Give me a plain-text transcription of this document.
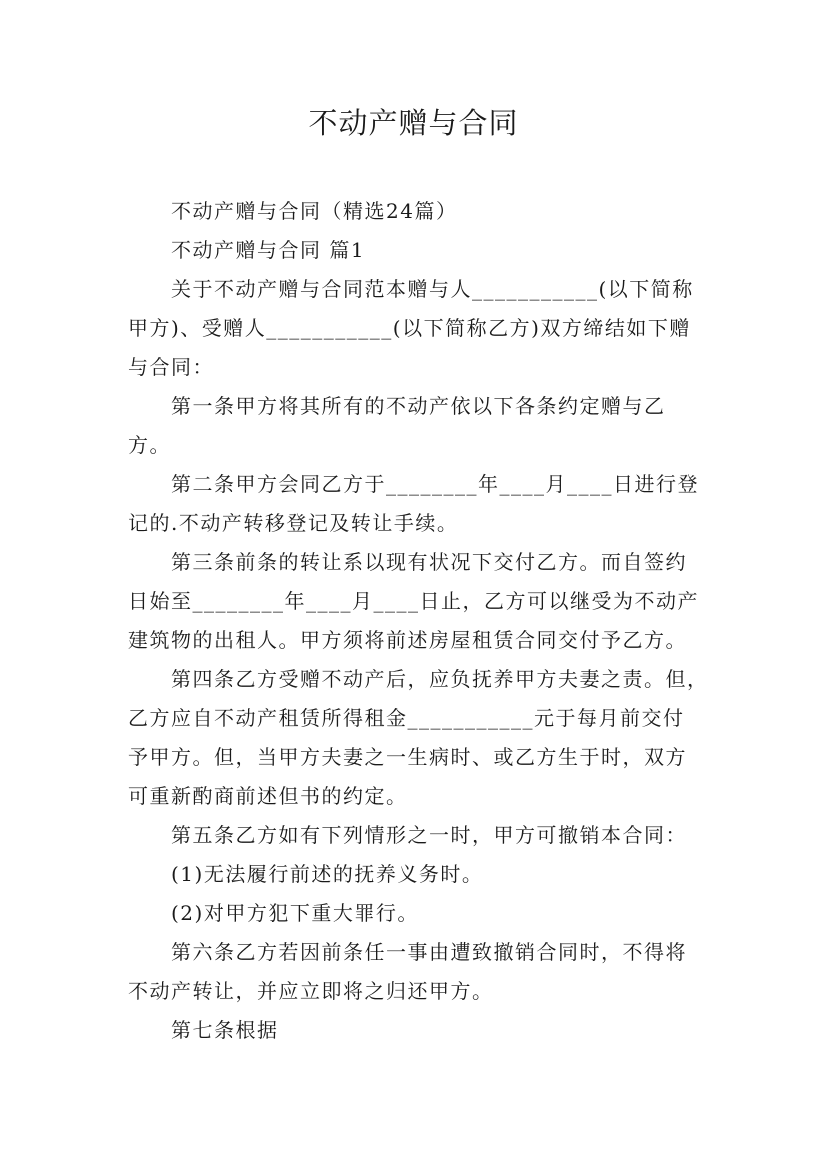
不动产赠与合同

不动产赠与合同（精选24篇）

不动产赠与合同 篇1

关于不动产赠与合同范本赠与人___________(以下简称

甲方)、受赠人___________(以下简称乙方)双方缔结如下赠

与合同：

第一条甲方将其所有的不动产依以下各条约定赠与乙

方。

第二条甲方会同乙方于________年____月____日进行登

记的.不动产转移登记及转让手续。

第三条前条的转让系以现有状况下交付乙方。而自签约

日始至________年____月____日止，乙方可以继受为不动产

建筑物的出租人。甲方须将前述房屋租赁合同交付予乙方。

第四条乙方受赠不动产后，应负抚养甲方夫妻之责。但，

乙方应自不动产租赁所得租金___________元于每月前交付

予甲方。但，当甲方夫妻之一生病时、或乙方生于时，双方

可重新酌商前述但书的约定。

第五条乙方如有下列情形之一时，甲方可撤销本合同：

(1)无法履行前述的抚养义务时。

(2)对甲方犯下重大罪行。

第六条乙方若因前条任一事由遭致撤销合同时，不得将

不动产转让，并应立即将之归还甲方。

第七条根据
